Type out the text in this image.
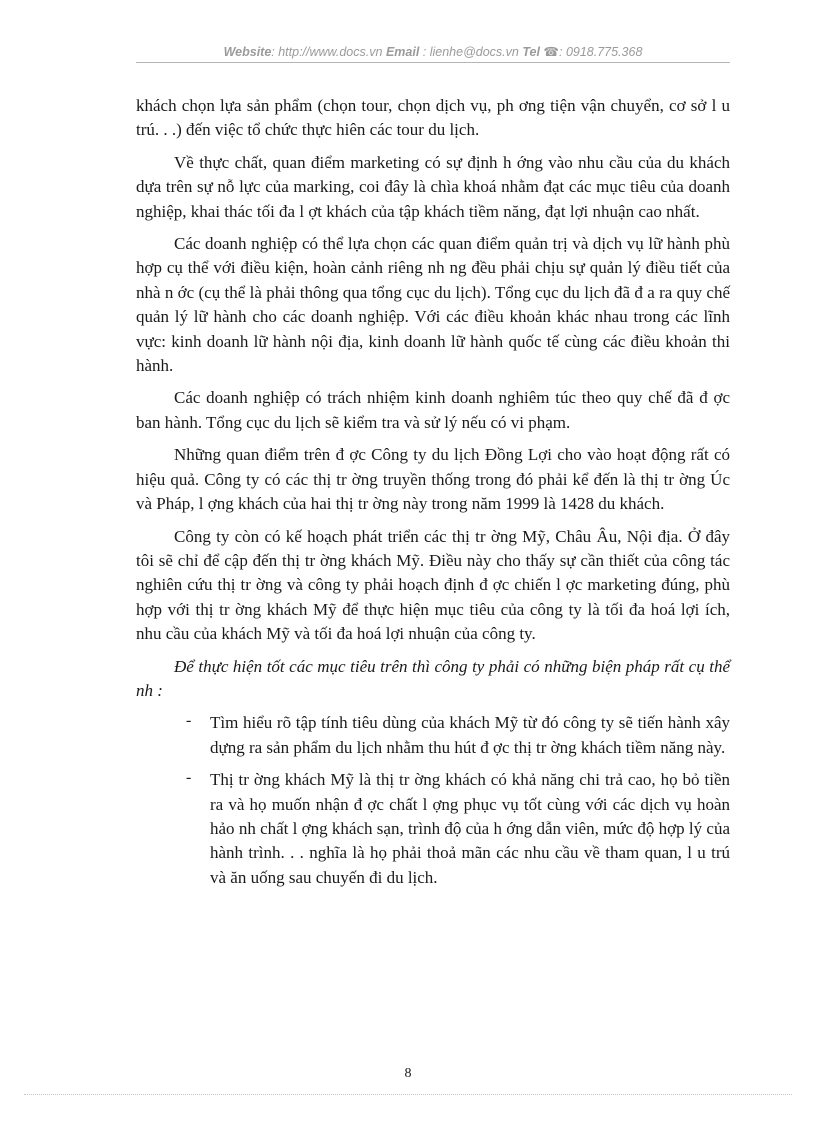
Website: http://www.docs.vn Email : lienhe@docs.vn Tel ☎: 0918.775.368

khách chọn lựa sản phẩm (chọn tour, chọn dịch vụ, ph ơng tiện vận chuyển, cơ sở l u trú. . .) đến việc tổ chức thực hiên các tour du lịch.

Về thực chất, quan điểm marketing có sự định h ớng vào nhu cầu của du khách dựa trên sự nỗ lực của marking, coi đây là chìa khoá nhằm đạt các mục tiêu của doanh nghiệp, khai thác tối đa l ợt khách của tập khách tiềm năng, đạt lợi nhuận cao nhất.

Các doanh nghiệp có thể lựa chọn các quan điểm quản trị và dịch vụ lữ hành phù hợp cụ thể với điều kiện, hoàn cảnh riêng nh ng đều phải chịu sự quản lý điều tiết của nhà n ớc (cụ thể là phải thông qua tổng cục du lịch). Tổng cục du lịch đã đ a ra quy chế quản lý lữ hành cho các doanh nghiệp. Với các điều khoản khác nhau trong các lĩnh vực: kinh doanh lữ hành nội địa, kinh doanh lữ hành quốc tế cùng các điều khoản thi hành.

Các doanh nghiệp có trách nhiệm kinh doanh nghiêm túc theo quy chế đã đ ợc ban hành. Tổng cục du lịch sẽ kiểm tra và sử lý nếu có vi phạm.

Những quan điểm trên đ ợc Công ty du lịch Đồng Lợi cho vào hoạt động rất có hiệu quả. Công ty có các thị tr ờng truyền thống trong đó phải kể đến là thị tr ờng Úc và Pháp, l ợng khách của hai thị tr ờng này trong năm 1999 là 1428 du khách.

Công ty còn có kế hoạch phát triển các thị tr ờng Mỹ, Châu Âu, Nội địa. Ở đây tôi sẽ chỉ để cập đến thị tr ờng khách Mỹ. Điều này cho thấy sự cần thiết của công tác nghiên cứu thị tr ờng và công ty phải hoạch định đ ợc chiến l ợc marketing đúng, phù hợp với thị tr ờng khách Mỹ để thực hiện mục tiêu của công ty là tối đa hoá lợi ích, nhu cầu của khách Mỹ và tối đa hoá lợi nhuận của công ty.

Để thực hiện tốt các mục tiêu trên thì công ty phải có những biện pháp rất cụ thể nh :

- Tìm hiểu rõ tập tính tiêu dùng của khách Mỹ từ đó công ty sẽ tiến hành xây dựng ra sản phẩm du lịch nhằm thu hút đ ợc thị tr ờng khách tiềm năng này.
- Thị tr ờng khách Mỹ là thị tr ờng khách có khả năng chi trả cao, họ bỏ tiền ra và họ muốn nhận đ ợc chất l ợng phục vụ tốt cùng với các dịch vụ hoàn hảo nh chất l ợng khách sạn, trình độ của h ớng dẫn viên, mức độ hợp lý của hành trình. . . nghĩa là họ phải thoả mãn các nhu cầu về tham quan, l u trú và ăn uống sau chuyến đi du lịch.
8
